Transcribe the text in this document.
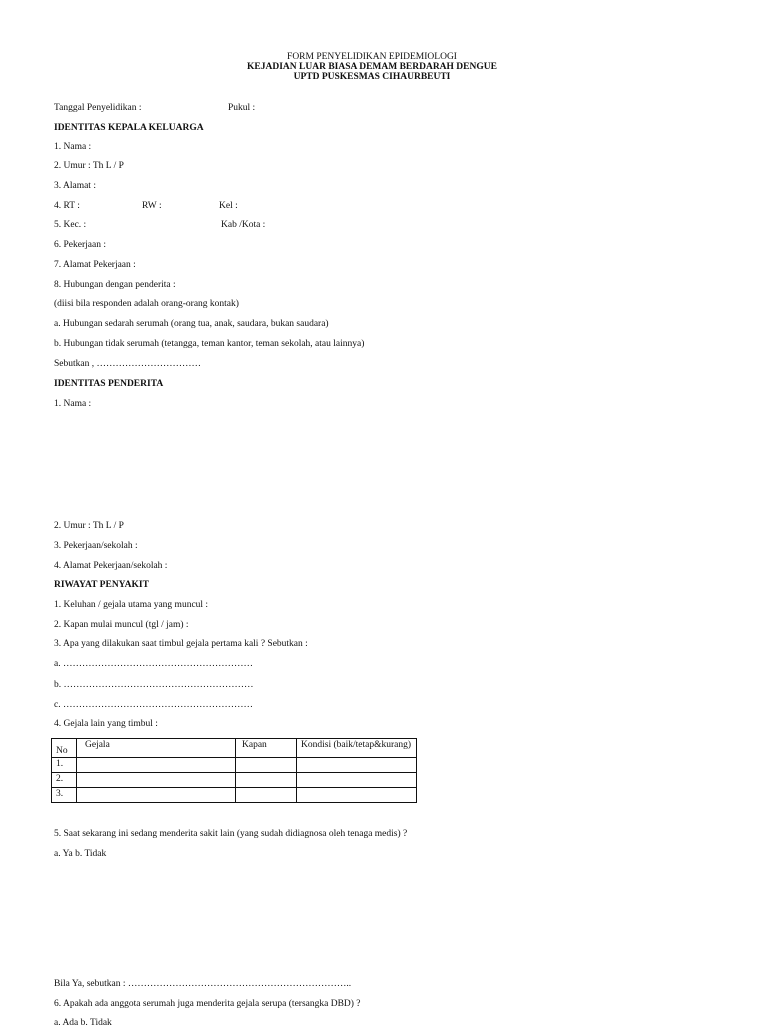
FORM PENYELIDIKAN EPIDEMIOLOGI
KEJADIAN LUAR BIASA DEMAM BERDARAH DENGUE
UPTD PUSKESMAS CIHAURBEUTI
Tanggal Penyelidikan :	Pukul :
IDENTITAS KEPALA KELUARGA
1. Nama :
2. Umur : Th L / P
3. Alamat :
4. RT :	RW :	Kel :
5. Kec. :	Kab /Kota :
6. Pekerjaan :
7. Alamat Pekerjaan :
8. Hubungan dengan penderita :
(diisi bila responden adalah orang-orang kontak)
a. Hubungan sedarah serumah (orang tua, anak, saudara, bukan saudara)
b. Hubungan tidak serumah (tetangga, teman kantor, teman sekolah, atau lainnya)
Sebutkan , ……………………………
IDENTITAS PENDERITA
1. Nama :
2. Umur : Th L / P
3. Pekerjaan/sekolah :
4. Alamat Pekerjaan/sekolah :
RIWAYAT PENYAKIT
1. Keluhan / gejala utama yang muncul :
2. Kapan mulai muncul (tgl / jam) :
3. Apa yang dilakukan saat timbul gejala pertama kali ? Sebutkan :
a. ……………………………………………………
b. ……………………………………………………
c. ……………………………………………………
4. Gejala lain yang timbul :
No	Gejala	Kapan	Kondisi (baik/tetap&kurang)
1.			
2.			
3.			
5. Saat sekarang ini sedang menderita sakit lain (yang sudah didiagnosa oleh tenaga medis) ?
a. Ya b. Tidak
Bila Ya, sebutkan : ……………………………………………………………..
6. Apakah ada anggota serumah juga menderita gejala serupa (tersangka DBD) ?
a. Ada b. Tidak
